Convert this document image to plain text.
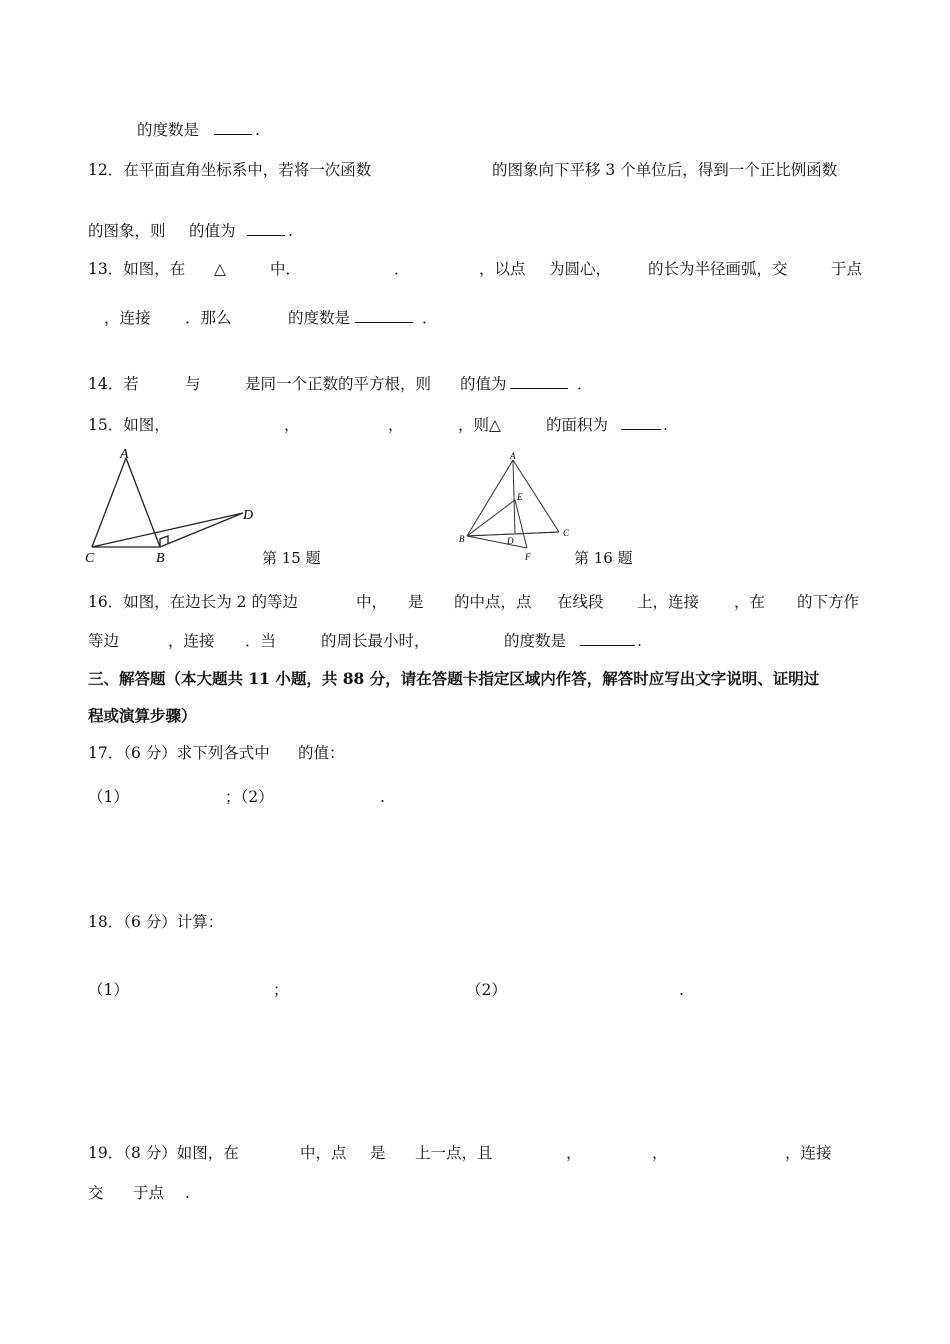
的度数是	.
12．在平面直角坐标系中，若将一次函数	的图象向下平移 3 个单位后，得到一个正比例函数
的图象，则 的值为	.
13．如图，在 △	中．	．	，以点 为圆心， 的长为半径画弧，交	于点
，连接 ．那么	的度数是	．
14．若	与	是同一个正数的平方根，则 的值为	．
15．如图，	，	，	，则△	的面积为	.
A
C	B
D
第 15 题
A
E
B	D
C
F	第 16 题
16．如图，在边长为 2 的等边	中， 是 的中点，点 在线段 上，连接 ，在 的下方作
等边	，连接 ．当	的周长最小时，	的度数是	.
三、解答题（本大题共 11 小题，共 88 分，请在答题卡指定区域内作答，解答时应写出文字说明、证明过
程或演算步骤）
17．（6 分）求下列各式中 的值：
（1）	；（2）	.
18．（6 分）计算：
（1）	；	（2）	.
19．（8 分）如图，在	中，点 是 上一点，且	，	，	，连接
交 于点 .
